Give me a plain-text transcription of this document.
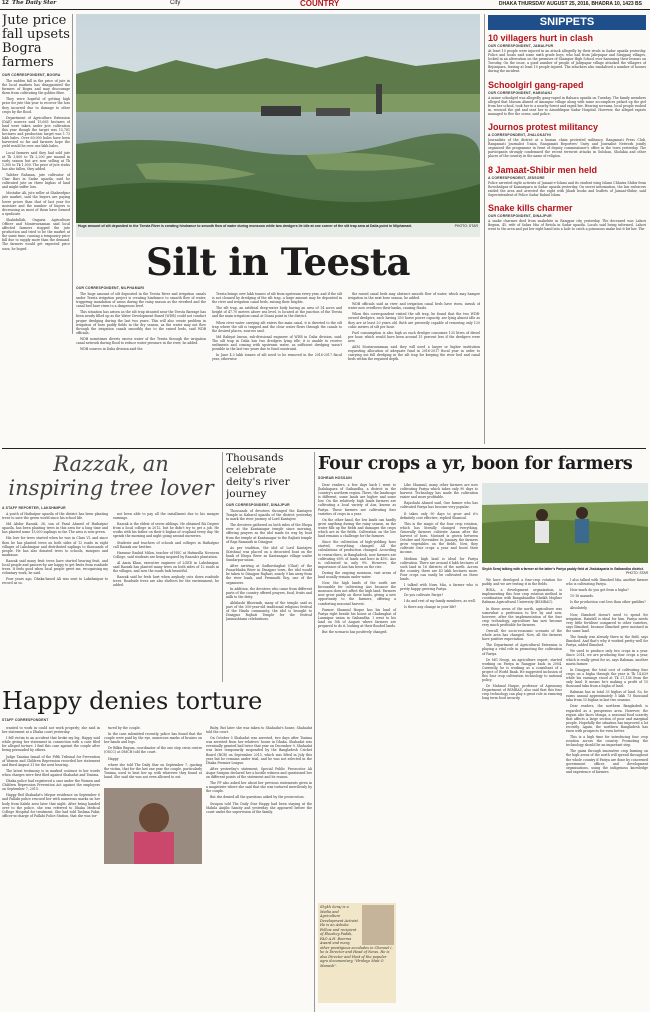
12 The Daily Star	City	COUNTRY	DHAKA THURSDAY AUGUST 25, 2016, BHADRA 10, 1423 BS
Jute price fall upsets Bogra farmers
OUR CORRESPONDENT, BOGRA

The sudden fall in the price of jute in the local markets has disappointed the farmers of Bogra and may discourage them from cultivating the golden fibre.

They were hopeful of getting high price for jute this year to recover the loss they incurred due to damage to other crops by the flood.

Department of Agriculture Extension (DAE) sources said 15,665 hectares of land were taken under jute cultivation this year though the target was 15,781 hectares and production target was 1.73 lakh bales. Over 60,000 bales have been harvested so far and farmers hope the yield would be over one lakh bales.

Local farmers said they had sold jute at Tk 1,800 to Tk 2,200 per maund in early season but are now selling at Tk 1,300 to Tk 1,500. The price of jute sticks has also fallen, they added.

Taleber Rahman, jute cultivator of Char Bari in Sadar upazila, said he cultivated jute on three bighas of land and might suffer loss.

Mostafar Ali, jute seller at Shaheedpur jute market, said the buyers are paying lower prices than that of last year for moisture and the number of buyers is decreasing as most of them have formed a syndicate.

Shahidullah, Ongaria Agriculture Officer and Monirruzzaman said local affected farmers stopped the jute production and tried to be the market at the same time, causing a temporary price fall due to supply more than the demand. The farmers would get expected price soon, he hoped.

Huge amount of silt deposited in the Teesta River is creating hindrance to smooth flow of water during monsoon while two dredgers lie idle at one corner of the silt trap area at Dalia point in Nilphamari.	PHOTO: STAR
Silt in Teesta
OUR CORRESPONDENT, NILPHAMARI

The huge amount of silt deposited in the Teesta River and irrigation canals under Teesta irrigation project is creating hindrance to smooth flow of water, triggering inundation of areas during the rainy season as the riverbed and the canal bed have risen to a dangerous level.

This situation has arisen as the silt trap situated near the Teesta Barrage has been nearly filled up as the Water Development Board (WDB) could not conduct proper dredging during the last two years. This will also create problem in irrigation of boro paddy fields in the dry season, as the water may not flow through the irrigation canals smoothly due to the raised beds, said WDB officials.

WDB sometimes diverts excess water of the Teesta through the irrigation canal network during flood to reduce water pressure in the river, he added.

WDB sources in Dalia division said the

Teesta brings over lakh tonnes of silt from upstream every year, and if the silt is not cleaned by dredging of the silt trap, a large amount may be deposited in the river and irrigation canal beds, raising their heights.

The silt trap, an artificial deep-water body having an area of 14 acres and height of 47.70 metres above sea level, is located at the junction of the Teesta and the main irrigation canal at Doani point in the district.

When river water carrying silt enters the main canal, it is diverted to the silt trap where the silt is trapped and the clear water flows through the canals to the desired places, sources said.

Md Rabiyat Imran, sub-divisional engineer of WDB in Dalia division, said: The silt trap in Dalia has two dredgers lying idle; it is unable to receive sediments and coming with upstream water, as sufficient dredging wasn't possible in the last two years due to fund constraint.

In June 4.3 lakh tonnes of silt need to be removed in the 2016-2017 fiscal year, otherwise

the raised canal beds may obstruct smooth flow of water, which may hamper irrigation in the next boro season, he added.

WDB officials said as river and irrigation canal beds have risen, inrush of water now overflows their banks, causing floods.

When this correspondent visited the silt trap, he found that the two WDB-owned dredgers, each having 350 horse power capacity, are lying almost idle as they are at least 20 years old. Both are presently capable of removing only 120 cubic metres of silt per hour.

Fuel consumption is also high as each dredger consumes 135 litres of diesel per hour, which would have been around 15 percent less if the dredgers were new.

AKM Mostaruzzaman said they will need a larger or higher institution requesting allocation of adequate fund in 2016-2017 fiscal year in order to carrying out full dredging in the silt trap for keeping the river bed and canal beds within the required depth.

SNIPPETS
10 villagers hurt in clash
OUR CORRESPONDENT, JAMALPUR
At least 10 people were injured in an attack allegedly by their rivals in Sadar upazila yesterday. Police and locals said some sixth grade boys, who hail from Jalirpapar and Sirajganj villages, locked in an altercation on the premises of Shampur High School over harassing their lessons on Tuesday. On the issue, a good number of people of Jalirpapar village attacked the villagers of Bejonipara, leaving at least 10 people injured. The attackers also vandalised a number of houses during the incident.
Schoolgirl gang-raped
OUR CORRESPONDENT, HABIGANJ
A minor schoolgirl was allegedly gang-raped in Baluara upazila on Tuesday. The family members alleged that Masum Ahmed of Amanpur village along with some accomplices picked up the girl from her school, took her to a nearby forest and raped her. Hearing screams, local people rushed in, rescued the girl and sent her to Ainuddinpur Sadar Hospital. However, the alleged rapists managed to flee the scene, said police.
Journos protest militancy
A CORRESPONDENT, JHALOKATHI
Journalists of the district at a human chain protested militancy. Rangamati Press Club, Rangamati Journalist Union, Rangamati Reporters' Unity and Journalist Network jointly organised the programme in front of deputy commissioner's office in the town yesterday. The participants strongly condemned the recent terrorist attacks in Gulshan, Sholakia and other places of the country in the name of religion.
8 Jamaat-Shibir men held
A CORRESPONDENT, JESSORE
Police arrested eight activists of Jamaat-e-Islami and its student wing Islami Chhatra Shibir from Rowshahpar of Kamaripara in Sadar upazila yesterday. On secret information, the law enforcers raided the area and arrested the eight with Jihadi books and leaflets of Jamaat-Shibir, said Superintendent of Police Sadar Rabiul Islam.
Snake kills charmer
OUR CORRESPONDENT, DINAJPUR
A snake charmer died from snakebite in Rangpur city yesterday. The deceased was Lahori Begum, 45, wife of Sahra Mia of Betola in Sadar upazila. Locals said being informed, Lahori went to the area and put her right hand into a hole to catch a poisonous snake but it bit her. The
Razzak, an
inspiring tree lover
A STAFF REPORTER, LAKSHMIPUR

A youth of Haibatpur upazila of the district has been planting trees to save the green world since his school life.

Md Abdur Razzak, 36, son of Fazal Ahmed of Haibatpur upazila, has been planting trees in this area for a long time and has planted some 15,000 saplings so far. The area is now green.

His love for trees started when he was in Class VI, and since then he has planted trees on both sides of 12 roads in eight villages of Lakshmipur and distributed saplings to thousands of people. He has also donated trees to schools, mosques and madrasas.

Razzak said many fruit trees have started bearing fruit, and local people and passers-by are happy to get fruits from roadside trees. It feels good when local people greet me, recognising my voluntary work, he said.

Four years ago, Dhaka-based Ali was sent to Lakshmipur to record as so.

not been able to pay all the installment due to his meagre earnings.

Razzak is the eldest of seven siblings. He obtained BA Degree from a local college in 2012, but he didn't try to get a job. He works with his father on their 6 bighas of cropland every day. He spends the morning and night going around nurseries.

Students and teachers of schools and colleges in Haibatpur call Razzak our brother.

Harunur Rashid Milon, teacher of HSC at Hatimulla Nowsera College, said students are being inspired by Razzak's plantation.

Al Amin Khan, executive engineer of LGED in Lakshmipur, said Razzak has planted many trees on both sides of 12 roads in the villages, and now the roads look beautiful.

Razzak said he feels hurt when anybody cuts down roadside trees. Roadside trees are also shelters for the environment, he added.

Thousands celebrate deity's river journey
OUR CORRESPONDENT, DINAJPUR

Thousands of devotees thronged the Kantajew Temple in Kaharol upazila of the district yesterday to mark the river journey of Lord Kantajew.

The devotees gathered on both sides of the Dhepa river at the Kantanagar temple since morning, offering prayers as the idol made its way by boat from the temple at Kantanagar to the Rajbati temple of Raja Ramnath in Dinajpur.

As per tradition, the idol of Lord Kantajew (Krishna) was placed on a decorated boat on the bank of Dhepa River as Kantanagar village under Sundarpur union.

After arriving at Sadhuvitaghat (Ghat) of the Punarbhaba River in Dinajpur town, the idol would be taken to Dinajpur Rajbari, nearly 9 km away from the river bank, and Premnath Roy, one of the organisers.

In addition, the devotees who came from different parts of the country offered prayers, food, fruits and milk to the deity.

Abhilashi Bhowmik, many of the temple said as part of the 350-year-old traditional religious festival of the Hindu community, the idol is brought to Dinajpur Rajbati Temple for the festival Janmashtami celebrations.

Four crops a yr, boon for farmers
SOHRAB HOSSAIN

Dear readers, a few days back I went to Jhalukapara of Gaibandha, a district in the country's northern region. There, the landscape is different, some lands are higher and some low. On the relatively high lands farmers are cultivating a local variety of Aus, known as Pariya. These farmers are cultivating four varieties of crops in a year.

On the other hand, the low lands can hardly grow anything during the rainy season, as the water fills up the fields and damages the crops which are in the fields. Cultivation on the low land remains a challenge for the farmers.

Since the cultivation of high-yielding boro started, everything changed. All the calculations of production changed. According to researchers, in Bangladesh, now farmers are cultivating 60% of lands and boro in 45%. Aus is cultivated in only 9%. However, the importance of Aus has been on the rise.

During the ongoing monsoon, vast areas of land usually remain under water.

Now, the high lands of the north are favourable for cultivating Aus because the monsoon does not affect the high land. Farmers now grow paddy on these lands, giving a new opportunity to the farmers, offering a comforting seasonal harvest.

Farmer Shamsul Hoque has his land of Pariya right beside his house at Chakraghat of Laxmipur union in Gaibandha. I went to his land on 5th of August where farmers are prepared to do it, looking at their flooded lands.

But the scenario has positively changed.

Like Shamsul, many other farmers are now cultivating Pariya which takes only 90 days to harvest. Technology has made the cultivation easier and more profitable.

Rajashahi Ahmed said, One farmer who has cultivated Pariya has become very popular.

It takes only 90 days to grow and it's definitely cost effective, replied Shamsul.

This is the magic of the four crop rotation, which has literally changed everything. Generally farmers cultivate Aman after the harvest of boro. Mustard is grown between October and November. In January, the farmers grow vegetables on the fields. Now, they cultivate four crops a year and boost their income.

Medium high land is ideal for Pariya cultivation. There are around 6 lakh hectares of such land in 16 districts of the north. Across the country, there are 43 lakh hectares more. Four crops can easily be cultivated on these lands.

I talked with Nuru Mia, a farmer who is pretty happy growing Pariya.

Do you cultivate Pariya?

I do and rest of my family members, as well.

Is there any change in your life?

We have developed a four-crop rotation for paddy, and we are testing it in the fields.

BINA, a development organisation, is implementing this four crop rotation method in coordination with Bangabandhu Sheikh Mujibur Rahman Agricultural University (BSMRAU).

In these areas of the north, agriculture was somewhat a profession to live by and now, however, after the implementation of the four crop technology, agriculture has now become very much profitable for farmers.

Overall, the socio-economic scenario of the whole area has changed. Now, all the farmers have positive expectation.

The Department of Agricultural Extension is playing a vital role in promoting the cultivation of Pariya.

Dr MG Neogi, an agriculture expert, started working on Pariya in Rangpur back in 2004. Currently, he is working as a consultant of a project of World Bank. He suggested inclusion of this four crop cultivation technology to national policy.

Dr Mahmul Haque, professor of Agronomy Department of BSMRAU, also said that this four crop technology can play a great role in ensuring long term food security.

I also talked with Ilimohed Mia, another farmer who is cultivating Pariya.

How much do you get from a bigha?

15-16 maunds.

Is the production cost less than other paddies?

Absolutely.

Now, Ilimohed doesn't need to spend for irrigation. Rainfall is ideal for him. Pariya needs very little fertiliser compared to other varieties, says Ilimohed, because Ilimohed grew mustard in the same land.

The family was already there in the field, says Ilimohed. And that's why it worked pretty well for Pariya, added Ilimohed.

We used to produce only two crops in a year. Since 2014, we are producing four crops a year, which is really great for us, says Rahman, another marin farmer.

In Dinajpur, the total cost of cultivating four crops on a bigha through the year is Tk 14,639 while his earnings stood at Tk 27,138 from the only land. It means he's making a profit of 15 thousand taka from a bigha of land.

Rahman has in total 33 bighas of land. So, he earns annual approximately 5 lakh 73 thousand taka from 33 bighas in last two seasons.

Dear readers, the northern Bangladesh is regarded as a prosperous area. However, the region also faces Monga, a seasonal food scarcity that affects a large section of poor and marginal people. Hopefully the situation has improved a lot recently. Again, the northern Bangladesh has risen with prospects for even better.

This is a high time for introducing four crop rotation across the country. Promoting the technology should be an important step.

The gains through innovative crop farming on the high areas of the north will spread throughout the whole country if Pariya are done by concerned government offices and development organisations, using the indigenous knowledge and experience of farmers.

Shykh Seraj talking with a farmer at the latter's Pariya paddy field at Jhalukaparia in Gaibandha district.
PHOTO: STAR
Shykh Seraj is a Media and Agriculture Development Activist. He is an Ashoka Fellow and recipient of Ekushey Padak, FAO A.H. Boerma Award and many other prestigious accolades in Channel i, he is Director and Head of News. He is also Director and Host of the popular agro documentary, "Hridoye Mati O Manush".
Happy denies torture
STAFF CORRESPONDENT

wanted to work in could not work properly; she said in her statement at a Dhaka court yesterday.

I fell victim to an accident that broke my leg, Happy said while giving her statement in connection with a case filed for alleged torture. I find this case against the couple after being persuaded by others.

Judge Tanzina Ismail of the Fifth Tribunal for Prevention of Women and Children Repression recorded her statement and fixed August 31 for the next hearing.

The latest testimony is in marked contrast to her words when charges were first filed against Shahadat and Tonima.

Dhaka police had registered a case under the Women and Children Repression Prevention Act against the employers on September 7, 2015.

Happy fled Shahadat's Mirpur residence on September 6 and Pallabi police rescued her with numerous marks on her body from Kalshi area later that night. After being handed over to the police, she was referred to Dhaka Medical College Hospital for treatment. She had told Taslima Fakir, officer-in-charge of Pallabi Police Station, that she was tor-

tured by the couple.

In the case submitted recently, police has found that the couple were paid by the eye, numerous marks of bruises on her hands and legs.

Dr Bilkis Begum, coordinator of the one stop crisis centre (OSCC) at DMCH told the court.

Happy

where she told The Daily Star on September 7, quoting the victim, that for the last one year the couple, particularly Tonima, used to beat her up with whatever they found at hand. She said she was not even allowed to eat.

Ruby. But later she was taken to Shahadat's house, Shahadat told the court.

On October 5 Shahadat was arrested, two days after Tonima was arrested from her relatives' house in Dhaka. Shahadat was eventually granted bail twice that year on December 9. Shahadat was later temporarily suspended by the Bangladesh Cricket Board (BCB) on September 2015, which was lifted in July this year but he remains under trial, and he was not selected in the Dhaka Premier League.

After yesterday's statement, Special Public Prosecutor Ali Asgar Swapon declared her a hostile witness and questioned her on different points of the statement and its reason.

The PP also asked her about her previous statements given in a magistrate where she said that she was tortured mercilessly by the couple.

But she denied all the questions asked by the prosecution.

Swapon told The Daily Star Happy had been staying at the Mahila Ainjibi Samity and yesterday she appeared before the court under the supervision of the family.
